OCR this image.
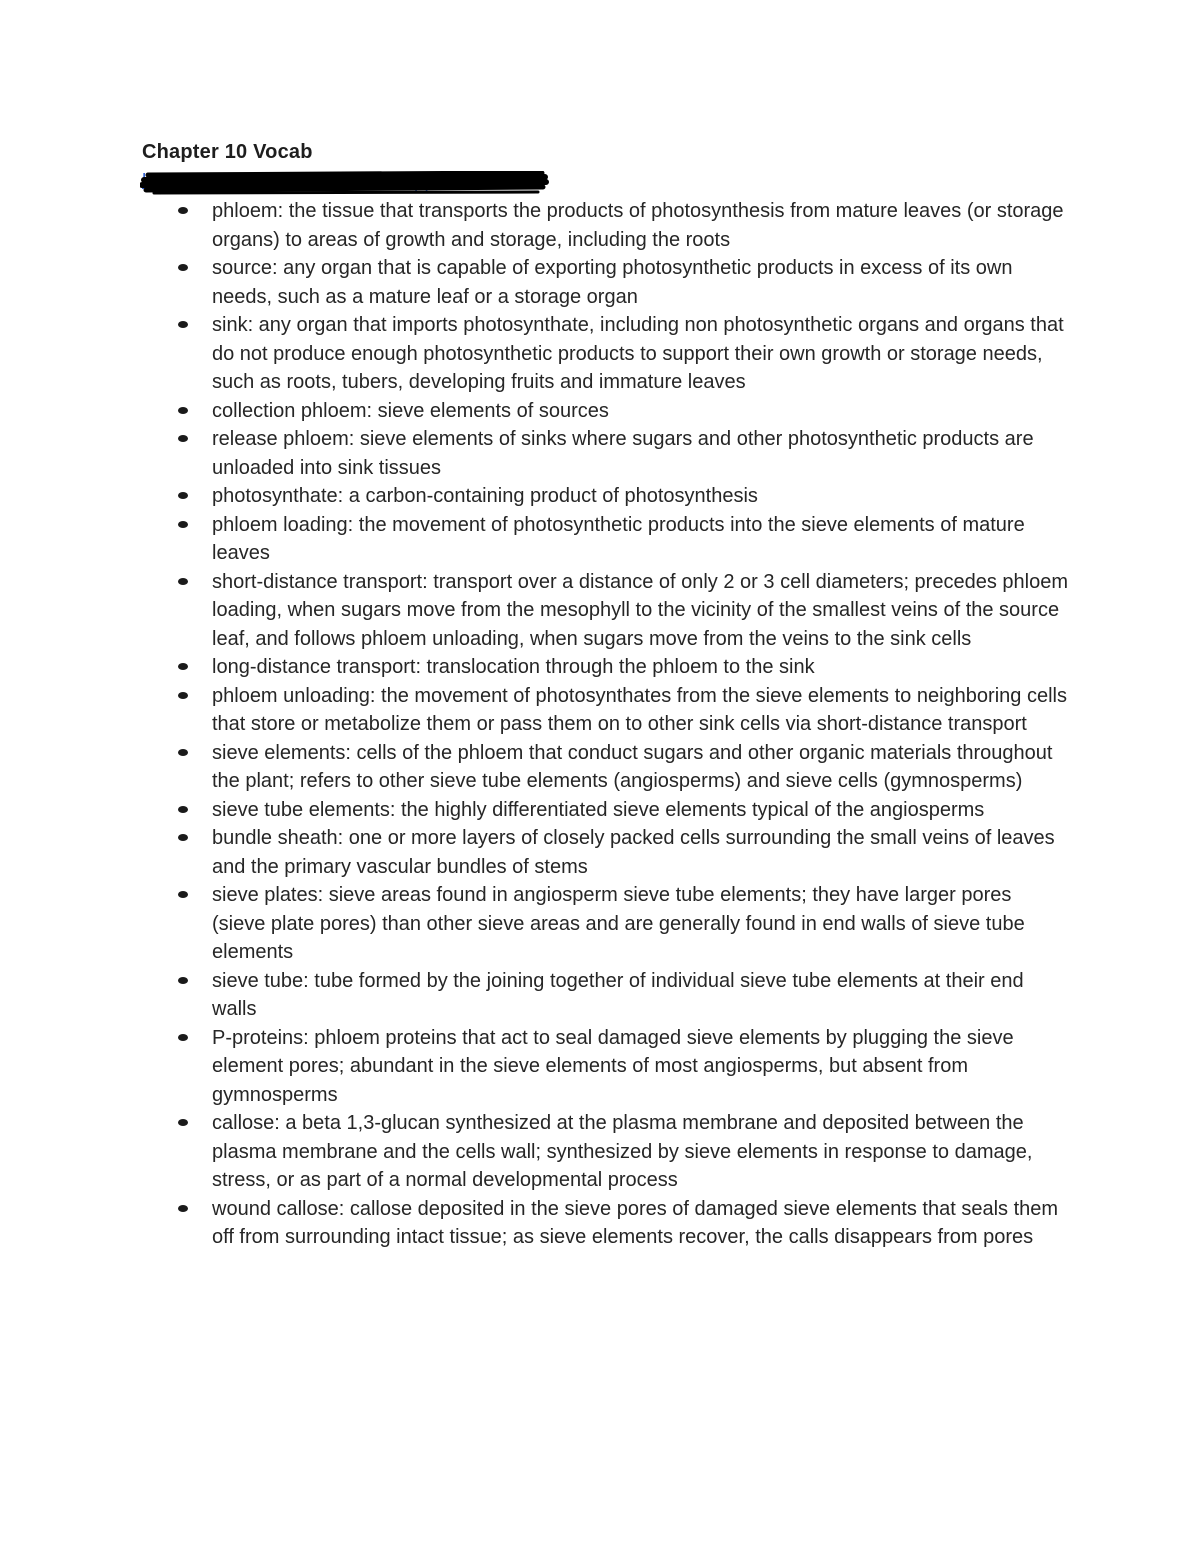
Chapter 10 Vocab
https://quizlet.com/_1ldcxe?x=1qqt&i=1tcm02
phloem: the tissue that transports the products of photosynthesis from mature leaves (or storage organs) to areas of growth and storage, including the roots
source: any organ that is capable of exporting photosynthetic products in excess of its own needs, such as a mature leaf or a storage organ
sink: any organ that imports photosynthate, including non photosynthetic organs and organs that do not produce enough photosynthetic products to support their own growth or storage needs, such as roots, tubers, developing fruits and immature leaves
collection phloem: sieve elements of sources
release phloem: sieve elements of sinks where sugars and other photosynthetic products are unloaded into sink tissues
photosynthate: a carbon-containing product of photosynthesis
phloem loading: the movement of photosynthetic products into the sieve elements of mature leaves
short-distance transport: transport over a distance of only 2 or 3 cell diameters; precedes phloem loading, when sugars move from the mesophyll to the vicinity of the smallest veins of the source leaf, and follows phloem unloading, when sugars move from the veins to the sink cells
long-distance transport: translocation through the phloem to the sink
phloem unloading: the movement of photosynthates from the sieve elements to neighboring cells that store or metabolize them or pass them on to other sink cells via short-distance transport
sieve elements: cells of the phloem that conduct sugars and other organic materials throughout the plant; refers to other sieve tube elements (angiosperms) and sieve cells (gymnosperms)
sieve tube elements: the highly differentiated sieve elements typical of the angiosperms
bundle sheath: one or more layers of closely packed cells surrounding the small veins of leaves and the primary vascular bundles of stems
sieve plates: sieve areas found in angiosperm sieve tube elements; they have larger pores (sieve plate pores) than other sieve areas and are generally found in end walls of sieve tube elements
sieve tube: tube formed by the joining together of individual sieve tube elements at their end walls
P-proteins: phloem proteins that act to seal damaged sieve elements by plugging the sieve element pores; abundant in the sieve elements of most angiosperms, but absent from gymnosperms
callose: a beta 1,3-glucan synthesized at the plasma membrane and deposited between the plasma membrane and the cells wall; synthesized by sieve elements in response to damage, stress, or as part of a normal developmental process
wound callose: callose deposited in the sieve pores of damaged sieve elements that seals them off from surrounding intact tissue; as sieve elements recover, the calls disappears from pores
